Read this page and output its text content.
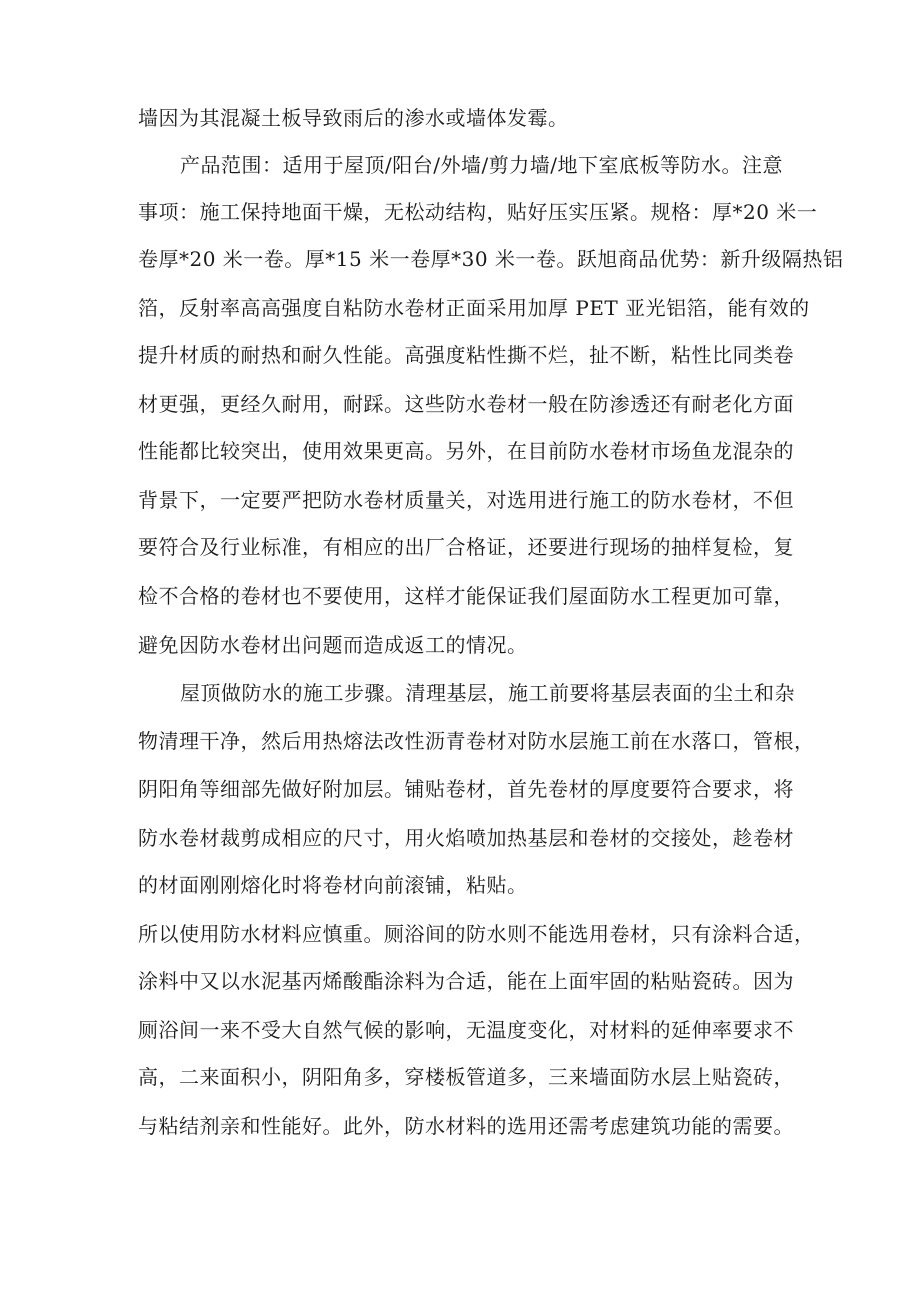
墙因为其混凝土板导致雨后的渗水或墙体发霉。
产品范围：适用于屋顶/阳台/外墙/剪力墙/地下室底板等防水。注意
事项：施工保持地面干燥，无松动结构，贴好压实压紧。规格：厚*20 米一
卷厚*20 米一卷。厚*15 米一卷厚*30 米一卷。跃旭商品优势：新升级隔热铝
箔，反射率高高强度自粘防水卷材正面采用加厚 PET 亚光铝箔，能有效的
提升材质的耐热和耐久性能。高强度粘性撕不烂，扯不断，粘性比同类卷
材更强，更经久耐用，耐踩。这些防水卷材一般在防渗透还有耐老化方面
性能都比较突出，使用效果更高。另外，在目前防水卷材市场鱼龙混杂的
背景下，一定要严把防水卷材质量关，对选用进行施工的防水卷材，不但
要符合及行业标准，有相应的出厂合格证，还要进行现场的抽样复检，复
检不合格的卷材也不要使用，这样才能保证我们屋面防水工程更加可靠，
避免因防水卷材出问题而造成返工的情况。
屋顶做防水的施工步骤。清理基层，施工前要将基层表面的尘土和杂
物清理干净，然后用热熔法改性沥青卷材对防水层施工前在水落口，管根，
阴阳角等细部先做好附加层。铺贴卷材，首先卷材的厚度要符合要求，将
防水卷材裁剪成相应的尺寸，用火焰喷加热基层和卷材的交接处，趁卷材
的材面刚刚熔化时将卷材向前滚铺，粘贴。
所以使用防水材料应慎重。厕浴间的防水则不能选用卷材，只有涂料合适，
涂料中又以水泥基丙烯酸酯涂料为合适，能在上面牢固的粘贴瓷砖。因为
厕浴间一来不受大自然气候的影响，无温度变化，对材料的延伸率要求不
高，二来面积小，阴阳角多，穿楼板管道多，三来墙面防水层上贴瓷砖，
与粘结剂亲和性能好。此外，防水材料的选用还需考虑建筑功能的需要。
